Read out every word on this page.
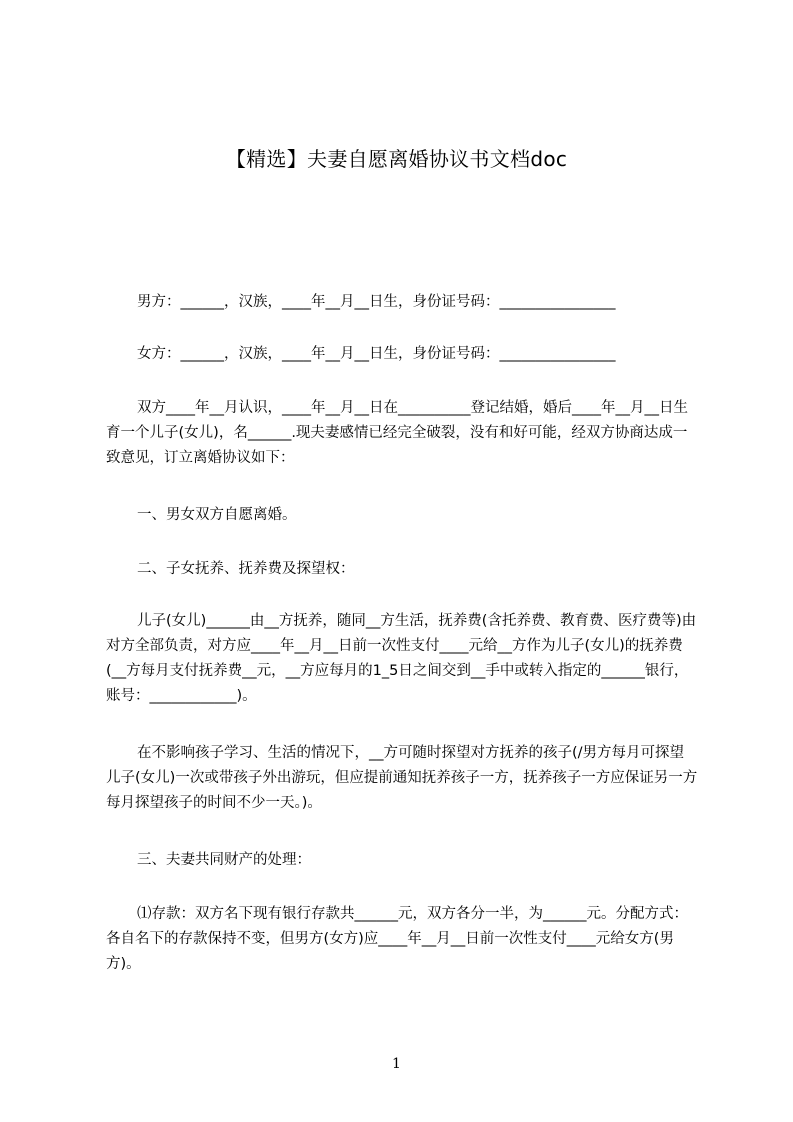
【精选】夫妻自愿离婚协议书文档doc
男方：______，汉族，____年__月__日生，身份证号码：________________
女方：______，汉族，____年__月__日生，身份证号码：________________
双方____年__月认识，____年__月__日在__________登记结婚，婚后____年__月__日生育一个儿子(女儿)，名______.现夫妻感情已经完全破裂，没有和好可能，经双方协商达成一致意见，订立离婚协议如下：
一、男女双方自愿离婚。
二、子女抚养、抚养费及探望权：
儿子(女儿)______由__方抚养，随同__方生活，抚养费(含托养费、教育费、医疗费等)由对方全部负责，对方应____年__月__日前一次性支付____元给__方作为儿子(女儿)的抚养费(__方每月支付抚养费__元，__方应每月的1_5日之间交到__手中或转入指定的______银行，账号：____________)。
在不影响孩子学习、生活的情况下，__方可随时探望对方抚养的孩子(/男方每月可探望儿子(女儿)一次或带孩子外出游玩，但应提前通知抚养孩子一方，抚养孩子一方应保证另一方每月探望孩子的时间不少一天。)。
三、夫妻共同财产的处理：
⑴存款：双方名下现有银行存款共______元，双方各分一半，为______元。分配方式：各自名下的存款保持不变，但男方(女方)应____年__月__日前一次性支付____元给女方(男方)。
1
